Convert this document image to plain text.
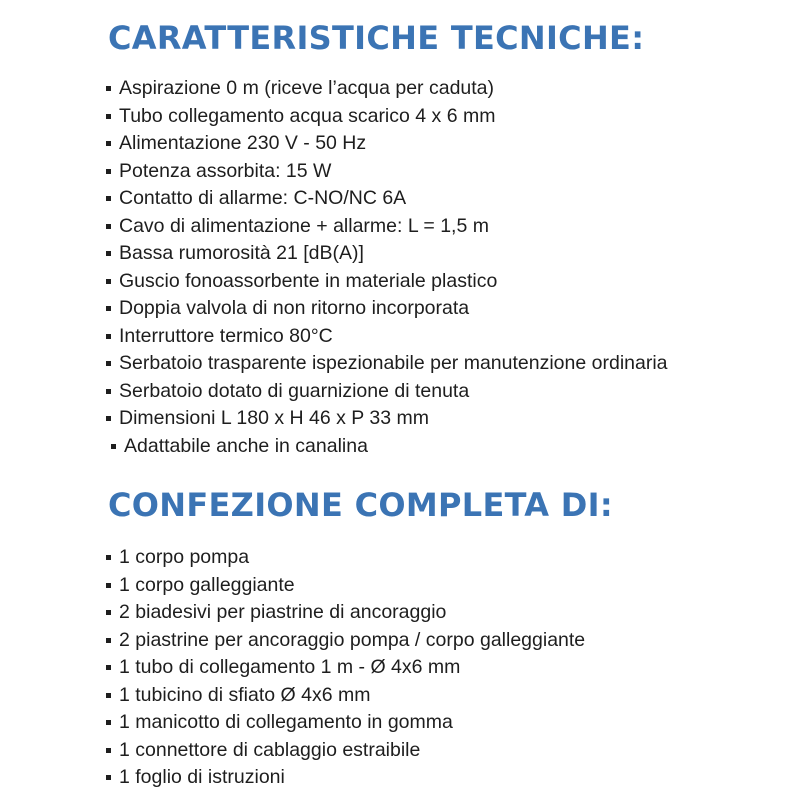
CARATTERISTICHE TECNICHE:
Aspirazione 0 m (riceve l’acqua per caduta)
Tubo collegamento acqua scarico 4 x 6 mm
Alimentazione 230 V - 50 Hz
Potenza assorbita: 15 W
Contatto di allarme: C-NO/NC 6A
Cavo di alimentazione + allarme: L = 1,5 m
Bassa rumorosità 21 [dB(A)]
Guscio fonoassorbente in materiale plastico
Doppia valvola di non ritorno incorporata
Interruttore termico 80°C
Serbatoio trasparente ispezionabile per manutenzione ordinaria
Serbatoio dotato di guarnizione di tenuta
Dimensioni L 180 x H 46 x P 33 mm
Adattabile anche in canalina
CONFEZIONE COMPLETA DI:
1 corpo pompa
1 corpo galleggiante
2 biadesivi per piastrine di ancoraggio
2 piastrine per ancoraggio pompa / corpo galleggiante
1 tubo di collegamento 1 m - Ø 4x6 mm
1 tubicino di sfiato Ø 4x6 mm
1 manicotto di collegamento in gomma
1 connettore di cablaggio estraibile
1 foglio di istruzioni
